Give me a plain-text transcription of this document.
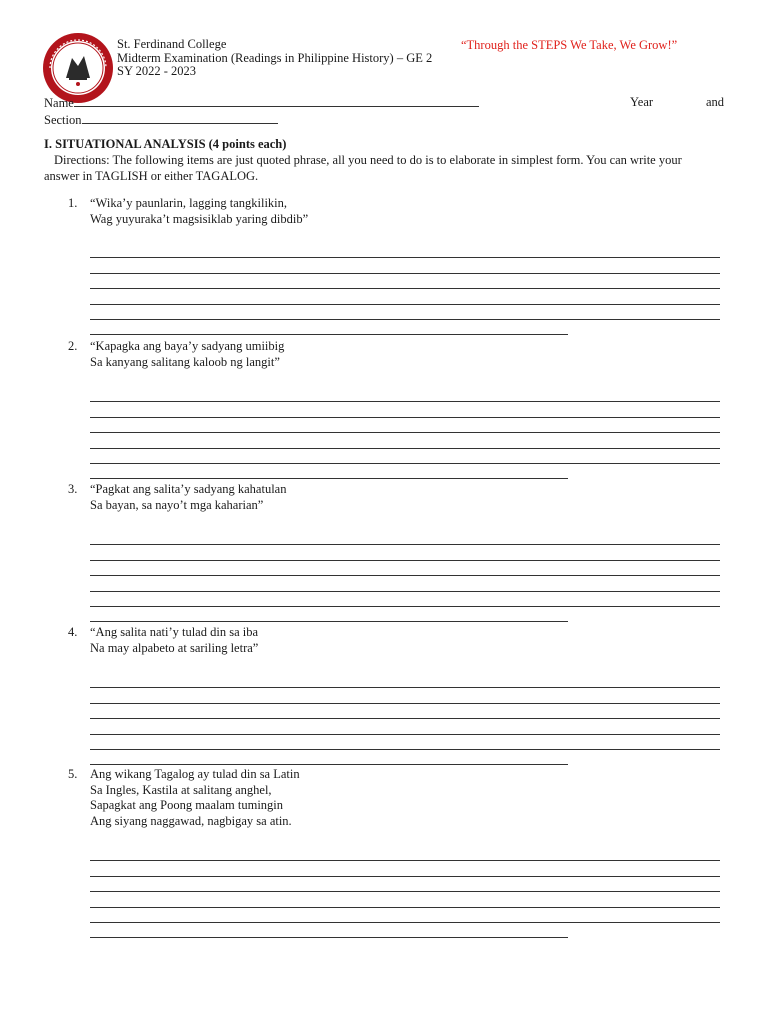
St. Ferdinand College
Midterm Examination (Readings in Philippine History) – GE 2
SY 2022 - 2023
“Through the STEPS We Take, We Grow!”
Name	Year	and
Section
I. SITUATIONAL ANALYSIS (4 points each)
Directions: The following items are just quoted phrase, all you need to do is to elaborate in simplest form. You can write your answer in TAGLISH or either TAGALOG.
1. “Wika’y paunlarin, lagging tangkilikin,
Wag yuyuraka’t magsisiklab yaring dibdib”
2. “Kapagka ang baya’y sadyang umiibig
Sa kanyang salitang kaloob ng langit”
3. “Pagkat ang salita’y sadyang kahatulan
Sa bayan, sa nayo’t mga kaharian”
4. “Ang salita nati’y tulad din sa iba
Na may alpabeto at sariling letra”
5. Ang wikang Tagalog ay tulad din sa Latin
Sa Ingles, Kastila at salitang anghel,
Sapagkat ang Poong maalam tumingin
Ang siyang naggawad, nagbigay sa atin.
